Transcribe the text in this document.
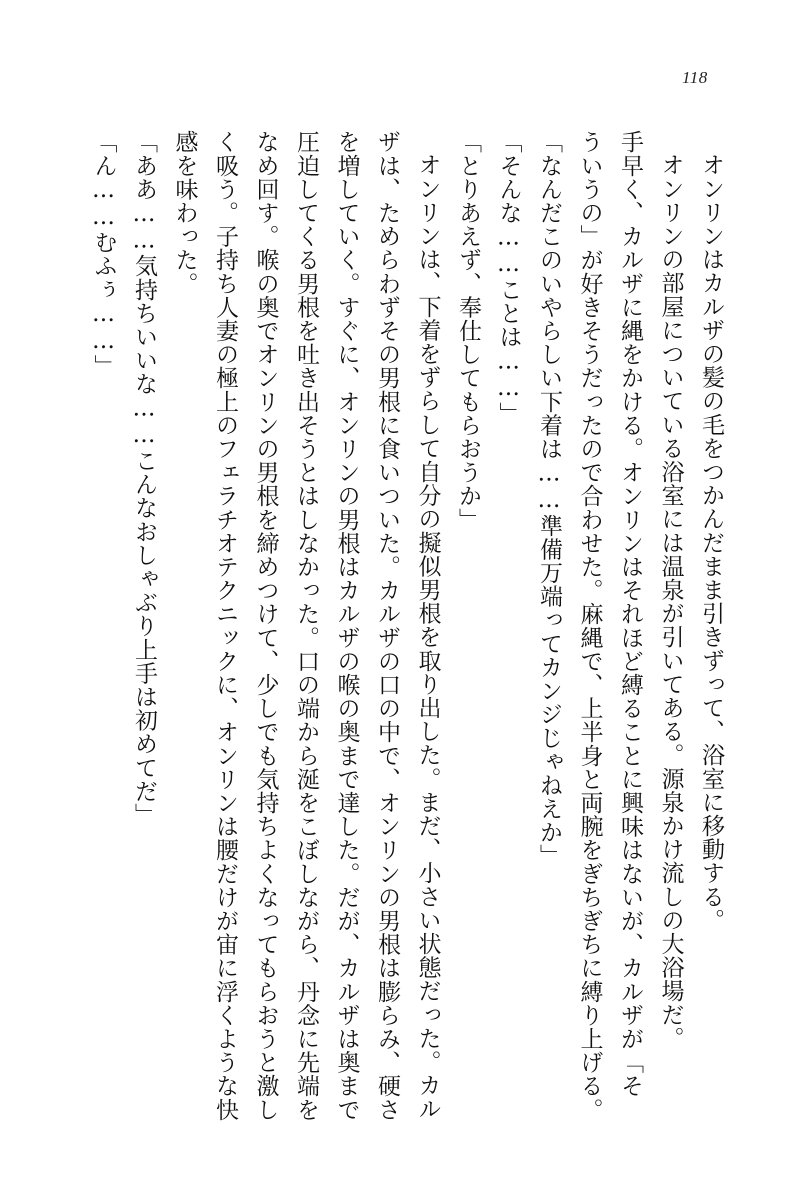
118
オンリンはカルザの髪の毛をつかんだまま引きずって、浴室に移動する。
オンリンの部屋についている浴室には温泉が引いてある。源泉かけ流しの大浴場だ。
手早く、カルザに縄をかける。オンリンはそれほど縛ることに興味はないが、カルザが「そ
ういうの」が好きそうだったので合わせた。麻縄で、上半身と両腕をぎちぎちに縛り上げる。
「なんだこのいやらしい下着は……準備万端ってカンジじゃねえか」
「そんな……ことは……」
「とりあえず、奉仕してもらおうか」
オンリンは、下着をずらして自分の擬似男根を取り出した。まだ、小さい状態だった。カル
ザは、ためらわずその男根に食いついた。カルザの口の中で、オンリンの男根は膨らみ、硬さ
を増していく。すぐに、オンリンの男根はカルザの喉の奥まで達した。だが、カルザは奥まで
圧迫してくる男根を吐き出そうとはしなかった。口の端から涎をこぼしながら、丹念に先端を
なめ回す。喉の奥でオンリンの男根を締めつけて、少しでも気持ちよくなってもらおうと激し
く吸う。子持ち人妻の極上のフェラチオテクニックに、オンリンは腰だけが宙に浮くような快
感を味わった。
「ああ……気持ちいいな……こんなおしゃぶり上手は初めてだ」
「ん……むふぅ……」
